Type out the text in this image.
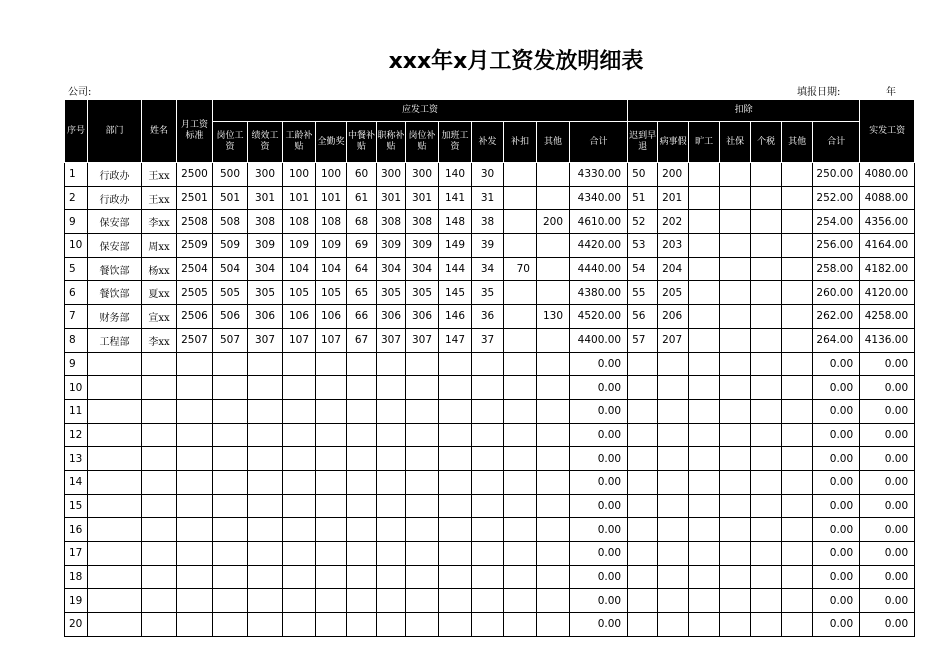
xxx年x月工资发放明细表
公司:	填报日期:	年
序号	部门	姓名	月工资标准	应发工资												扣除							实发工资
				岗位工资	绩效工资	工龄补贴	全勤奖	中餐补贴	职称补贴	岗位补贴	加班工资	补发	补扣	其他	合计	迟到早退	病事假	旷工	社保	个税	其他	合计	
1	行政办	王xx	2500	500	300	100	100	60	300	300	140	30			4330.00	50	200					250.00	4080.00
2	行政办	王xx	2501	501	301	101	101	61	301	301	141	31			4340.00	51	201					252.00	4088.00
9	保安部	李xx	2508	508	308	108	108	68	308	308	148	38		200	4610.00	52	202					254.00	4356.00
10	保安部	周xx	2509	509	309	109	109	69	309	309	149	39			4420.00	53	203					256.00	4164.00
5	餐饮部	杨xx	2504	504	304	104	104	64	304	304	144	34	70		4440.00	54	204					258.00	4182.00
6	餐饮部	夏xx	2505	505	305	105	105	65	305	305	145	35			4380.00	55	205					260.00	4120.00
7	财务部	宣xx	2506	506	306	106	106	66	306	306	146	36		130	4520.00	56	206					262.00	4258.00
8	工程部	李xx	2507	507	307	107	107	67	307	307	147	37			4400.00	57	207					264.00	4136.00
9															0.00							0.00	0.00
10															0.00							0.00	0.00
11															0.00							0.00	0.00
12															0.00							0.00	0.00
13															0.00							0.00	0.00
14															0.00							0.00	0.00
15															0.00							0.00	0.00
16															0.00							0.00	0.00
17															0.00							0.00	0.00
18															0.00							0.00	0.00
19															0.00							0.00	0.00
20															0.00							0.00	0.00
